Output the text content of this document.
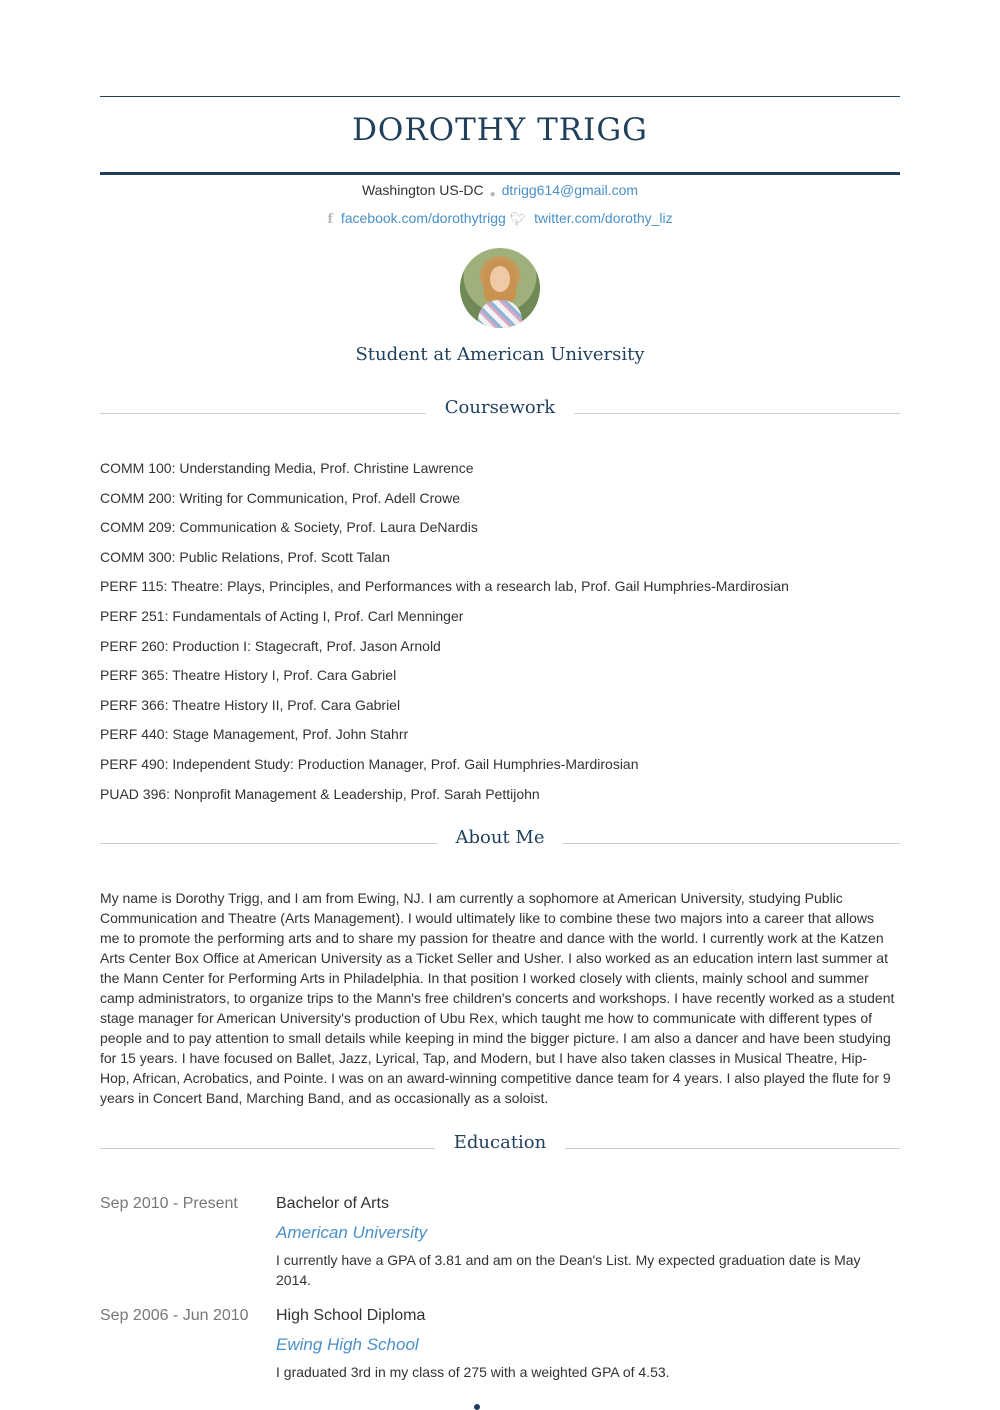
DOROTHY TRIGG
Washington US-DC ● dtrigg614@gmail.com
f facebook.com/dorothytrigg 🐦︎ twitter.com/dorothy_liz
Student at American University
Coursework
COMM 100: Understanding Media, Prof. Christine Lawrence
COMM 200: Writing for Communication, Prof. Adell Crowe
COMM 209: Communication & Society, Prof. Laura DeNardis
COMM 300: Public Relations, Prof. Scott Talan
PERF 115: Theatre: Plays, Principles, and Performances with a research lab, Prof. Gail Humphries-Mardirosian
PERF 251: Fundamentals of Acting I, Prof. Carl Menninger
PERF 260: Production I: Stagecraft, Prof. Jason Arnold
PERF 365: Theatre History I, Prof. Cara Gabriel
PERF 366: Theatre History II, Prof. Cara Gabriel
PERF 440: Stage Management, Prof. John Stahrr
PERF 490: Independent Study: Production Manager, Prof. Gail Humphries-Mardirosian
PUAD 396: Nonprofit Management & Leadership, Prof. Sarah Pettijohn
About Me

My name is Dorothy Trigg, and I am from Ewing, NJ. I am currently a sophomore at American University, studying Public Communication and Theatre (Arts Management). I would ultimately like to combine these two majors into a career that allows me to promote the performing arts and to share my passion for theatre and dance with the world. I currently work at the Katzen Arts Center Box Office at American University as a Ticket Seller and Usher. I also worked as an education intern last summer at the Mann Center for Performing Arts in Philadelphia. In that position I worked closely with clients, mainly school and summer camp administrators, to organize trips to the Mann's free children's concerts and workshops. I have recently worked as a student stage manager for American University's production of Ubu Rex, which taught me how to communicate with different types of people and to pay attention to small details while keeping in mind the bigger picture. I am also a dancer and have been studying for 15 years. I have focused on Ballet, Jazz, Lyrical, Tap, and Modern, but I have also taken classes in Musical Theatre, Hip-Hop, African, Acrobatics, and Pointe. I was on an award-winning competitive dance team for 4 years. I also played the flute for 9 years in Concert Band, Marching Band, and as occasionally as a soloist.

Education
Sep 2010 - Present Bachelor of Arts
American University
I currently have a GPA of 3.81 and am on the Dean's List. My expected graduation date is May 2014.
Sep 2006 - Jun 2010 High School Diploma
Ewing High School
I graduated 3rd in my class of 275 with a weighted GPA of 4.53.
